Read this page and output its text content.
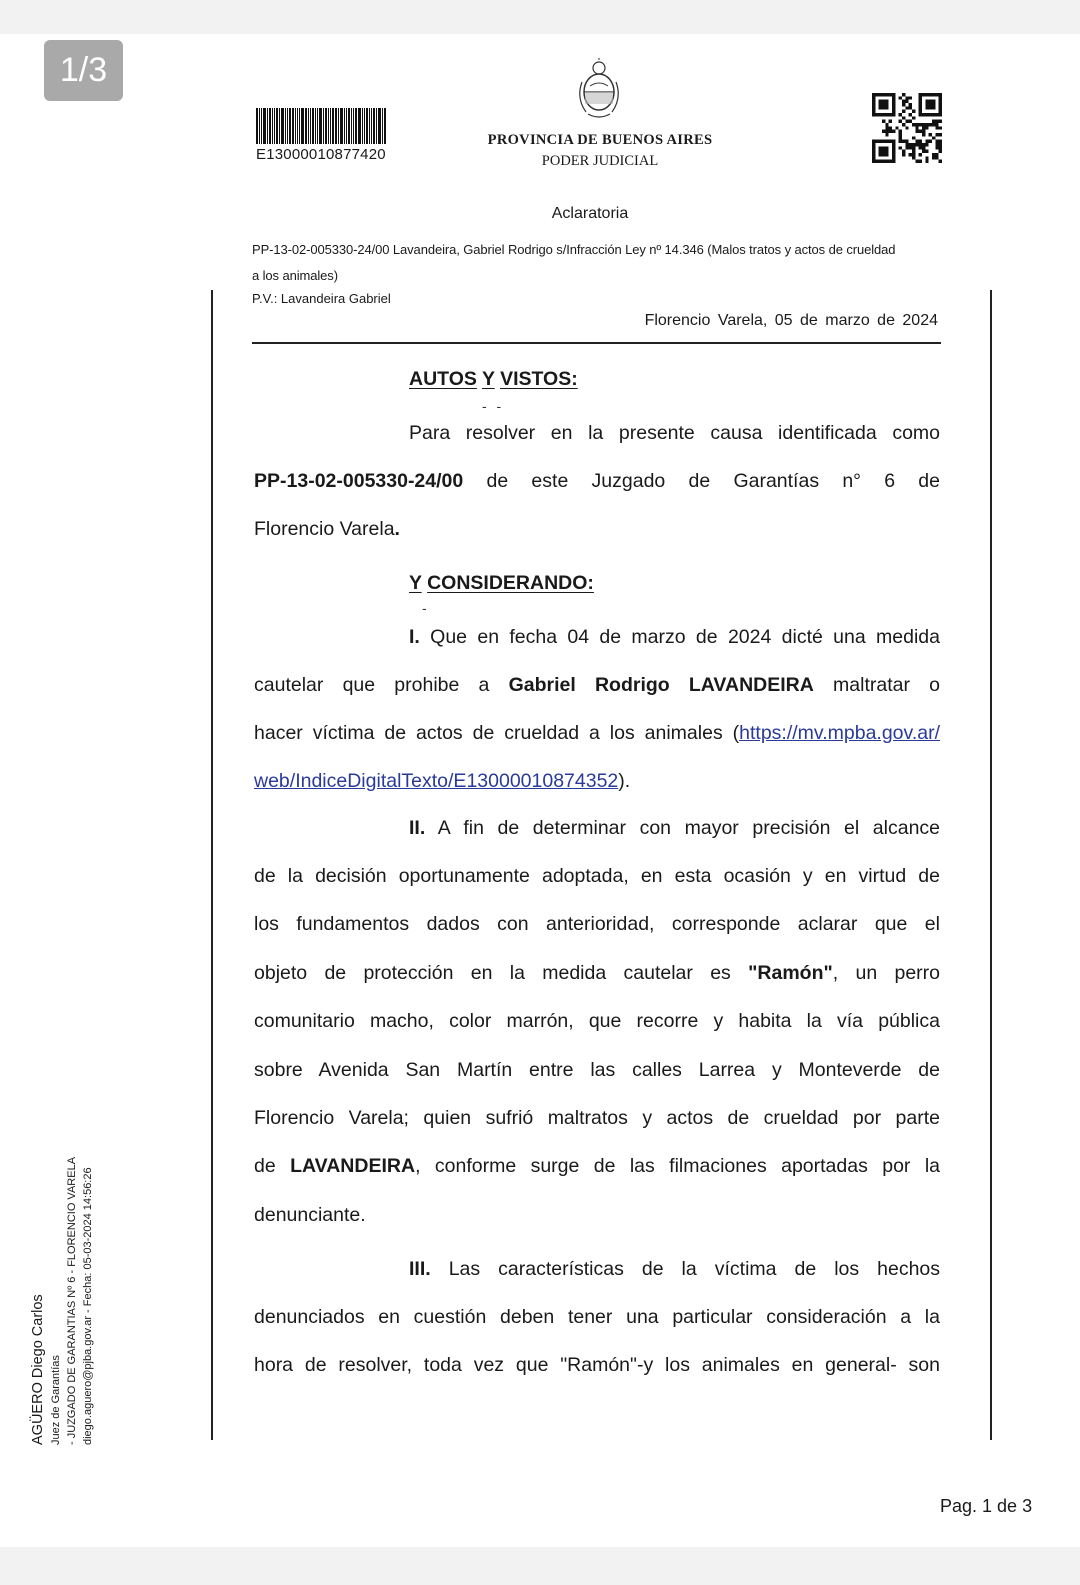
1/3
E13000010877420
PROVINCIA DE BUENOS AIRES
PODER JUDICIAL
Aclaratoria
PP-13-02-005330-24/00 Lavandeira, Gabriel Rodrigo s/Infracción Ley nº 14.346 (Malos tratos y actos de crueldad
a los animales)
P.V.: Lavandeira Gabriel
Florencio Varela, 05 de marzo de 2024
AUTOS Y VISTOS:
- -
Para resolver en la presente causa identificada como
PP-13-02-005330-24/00 de este Juzgado de Garantías n° 6 de
Florencio Varela.
Y CONSIDERANDO:
-
I. Que en fecha 04 de marzo de 2024 dicté una medida
cautelar que prohibe a Gabriel Rodrigo LAVANDEIRA maltratar o
hacer víctima de actos de crueldad a los animales (https://mv.mpba.gov.ar/
web/IndiceDigitalTexto/E13000010874352).
II. A fin de determinar con mayor precisión el alcance
de la decisión oportunamente adoptada, en esta ocasión y en virtud de
los fundamentos dados con anterioridad, corresponde aclarar que el
objeto de protección en la medida cautelar es "Ramón", un perro
comunitario macho, color marrón, que recorre y habita la vía pública
sobre Avenida San Martín entre las calles Larrea y Monteverde de
Florencio Varela; quien sufrió maltratos y actos de crueldad por parte
de LAVANDEIRA, conforme surge de las filmaciones aportadas por la
denunciante.
III. Las características de la víctima de los hechos
denunciados en cuestión deben tener una particular consideración a la
hora de resolver, toda vez que "Ramón"-y los animales en general- son
AGÜERO Diego Carlos Juez de Garantías - JUZGADO DE GARANTIAS Nº 6 - FLORENCIO VARELA diego.aguero@pjba.gov.ar - Fecha: 05-03-2024 14:56:26
Pag. 1 de 3
